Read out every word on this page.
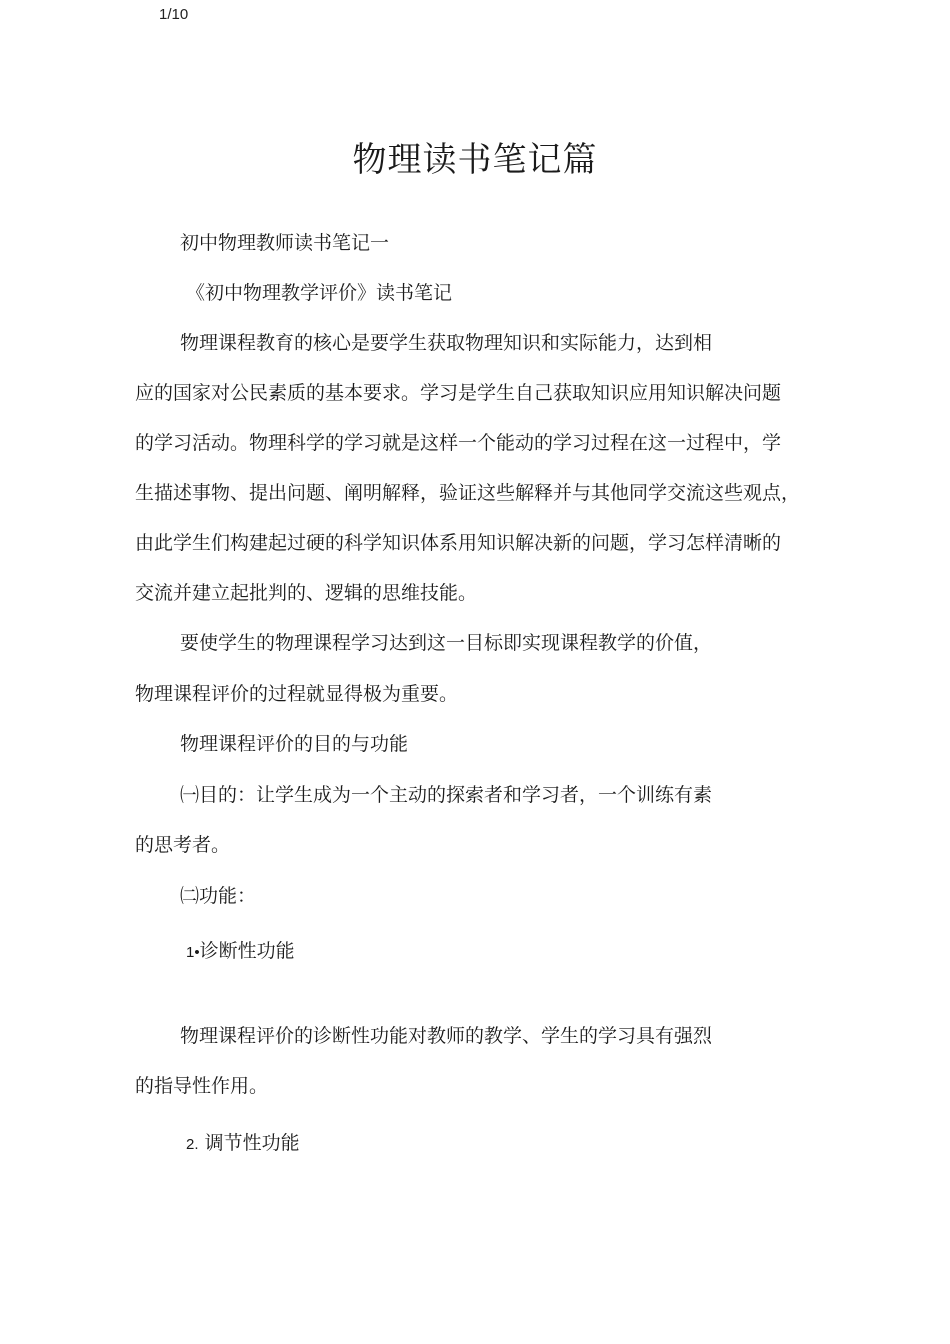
1/10
物理读书笔记篇

初中物理教师读书笔记一

《初中物理教学评价》读书笔记

物理课程教育的核心是要学生获取物理知识和实际能力，达到相

应的国家对公民素质的基本要求。学习是学生自己获取知识应用知识解决问题

的学习活动。物理科学的学习就是这样一个能动的学习过程在这一过程中，学

生描述事物、提出问题、阐明解释，验证这些解释并与其他同学交流这些观点，

由此学生们构建起过硬的科学知识体系用知识解决新的问题，学习怎样清晰的

交流并建立起批判的、逻辑的思维技能。

要使学生的物理课程学习达到这一目标即实现课程教学的价值，

物理课程评价的过程就显得极为重要。

物理课程评价的目的与功能

㈠目的：让学生成为一个主动的探索者和学习者，一个训练有素

的思考者。

㈡功能：

1•诊断性功能

物理课程评价的诊断性功能对教师的教学、学生的学习具有强烈

的指导性作用。

2. 调节性功能
